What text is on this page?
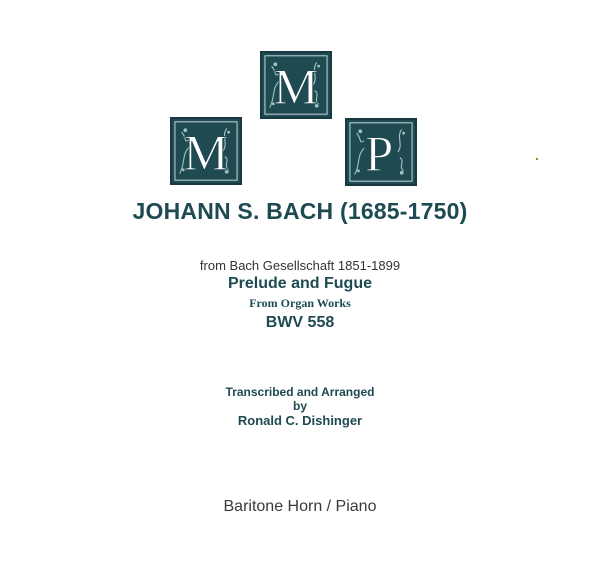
M
M	P
JOHANN S. BACH (1685-1750)
from Bach Gesellschaft 1851-1899
Prelude and Fugue
From Organ Works
BWV 558
Transcribed and Arranged
by
Ronald C. Dishinger
Baritone Horn / Piano
